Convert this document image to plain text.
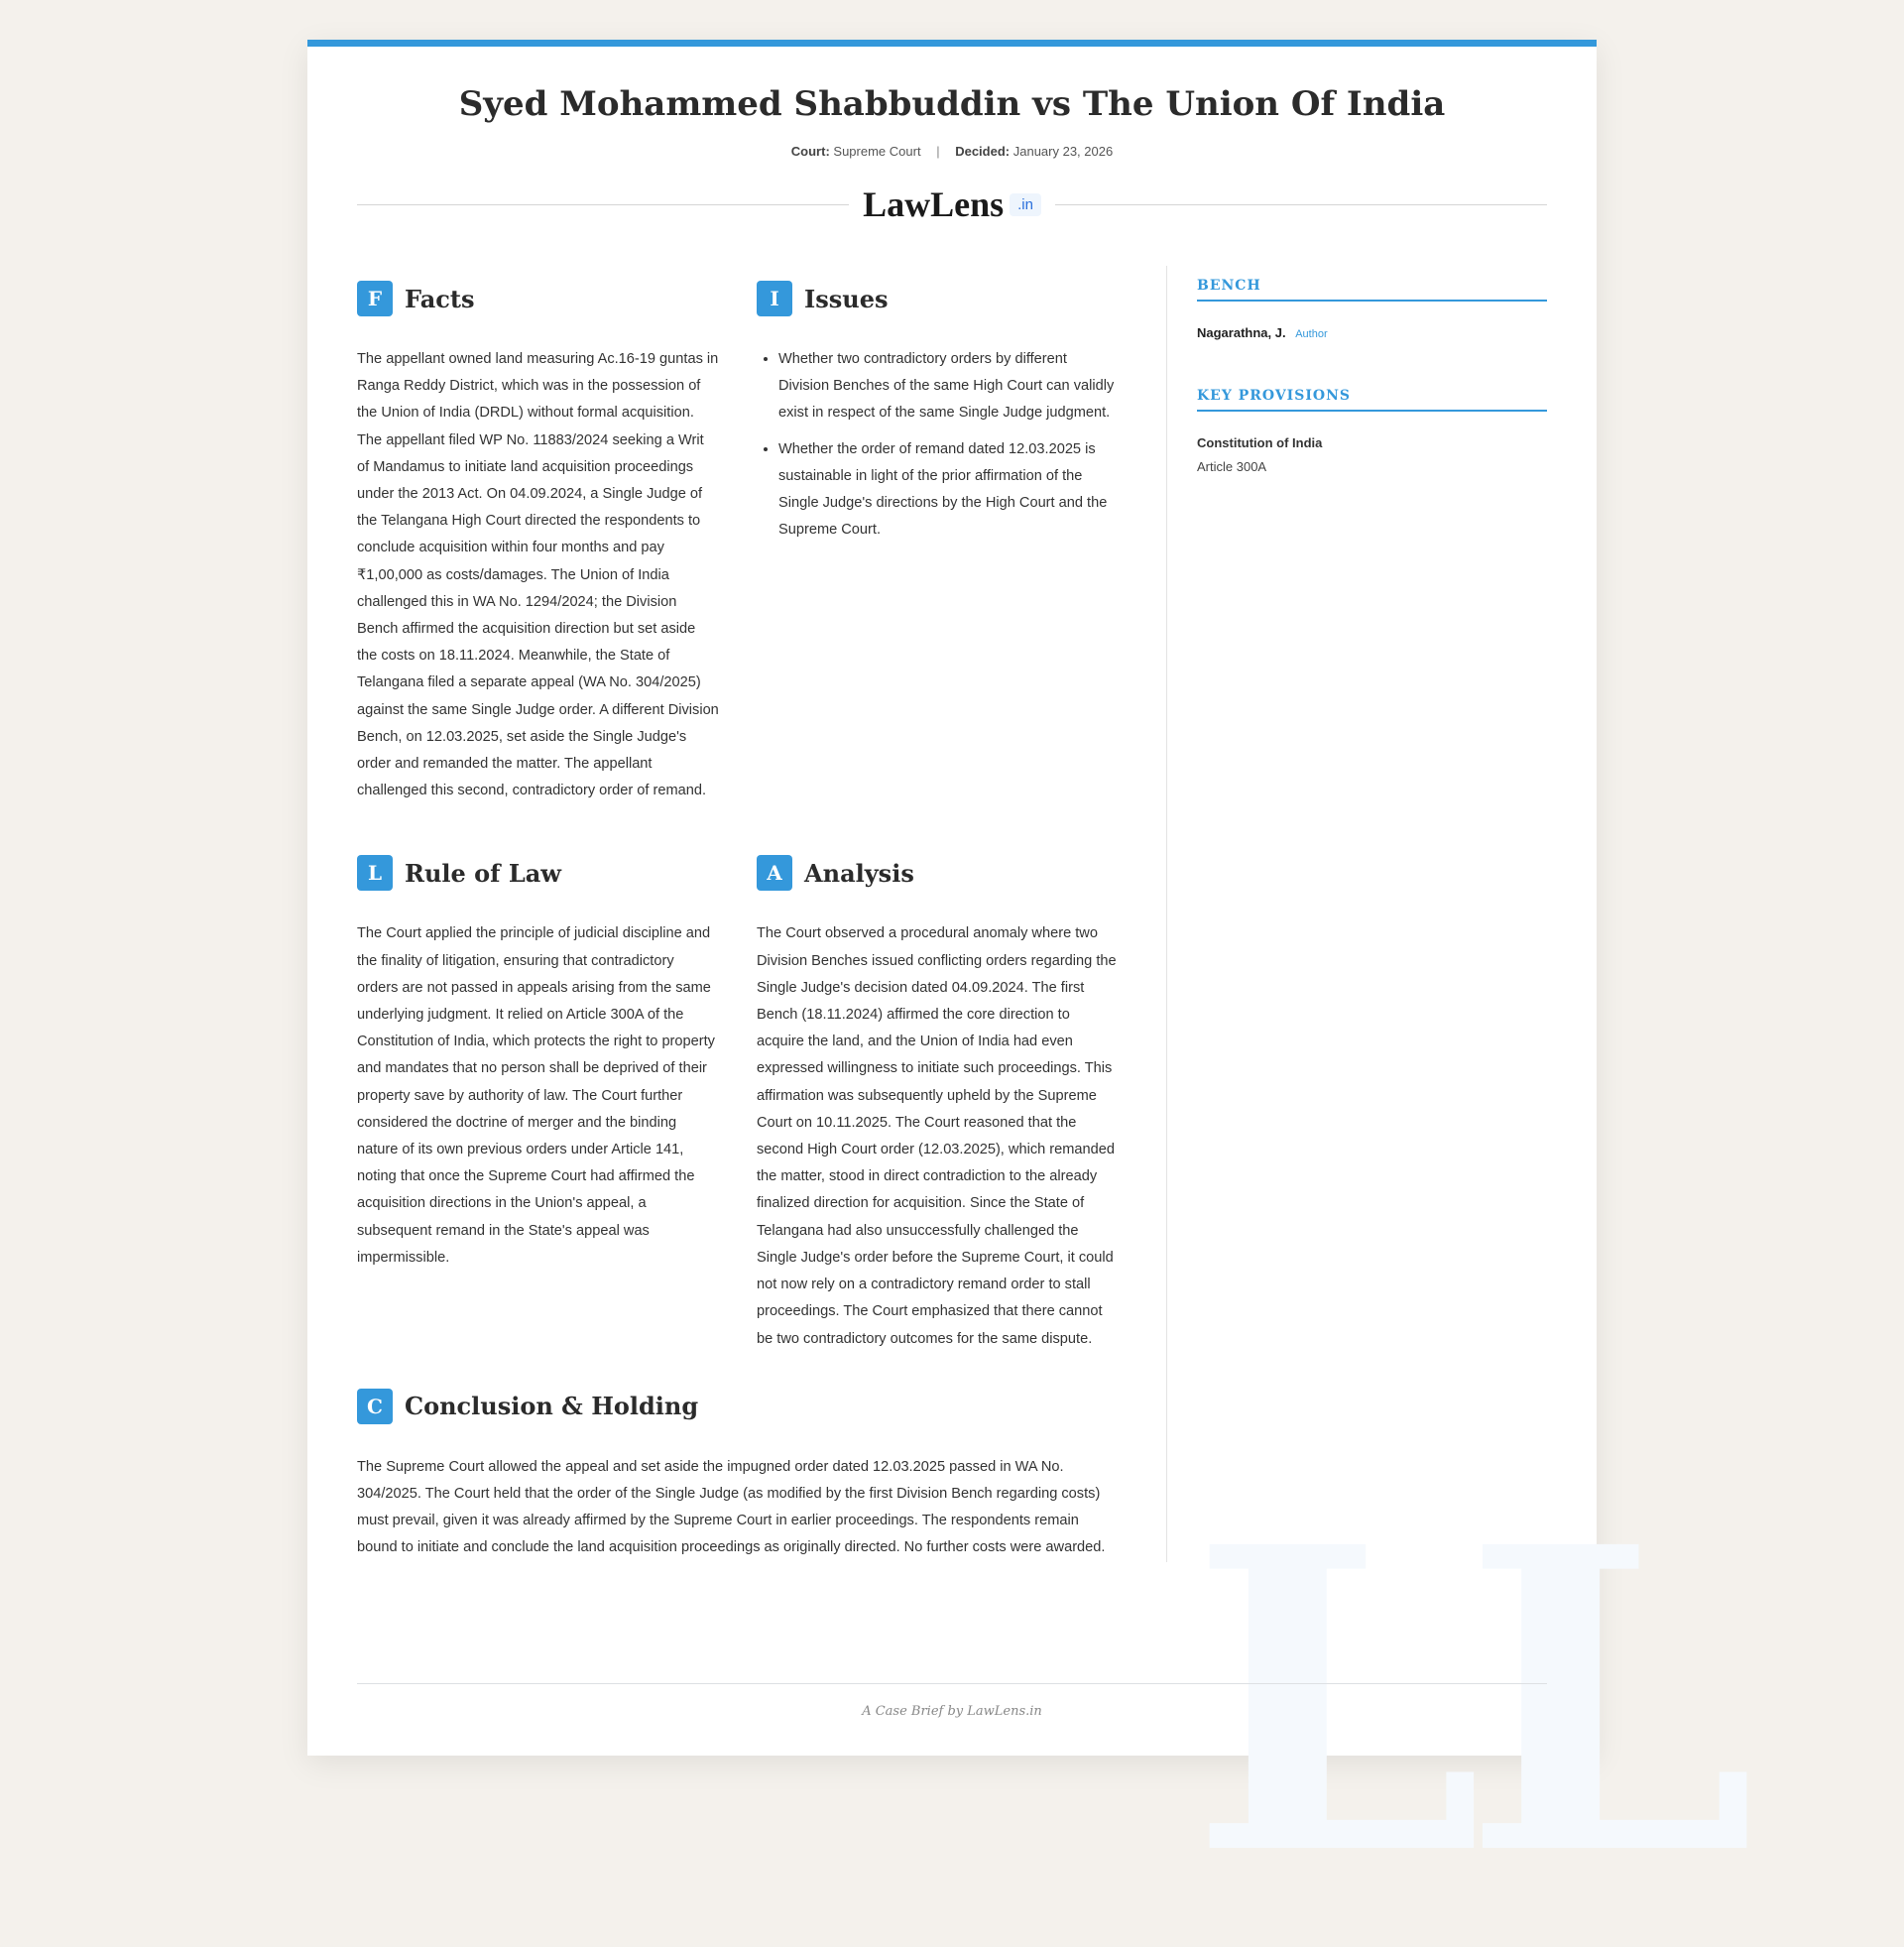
LL
Syed Mohammed Shabbuddin vs The Union Of India
Court: Supreme Court | Decided: January 23, 2026
LawLens .in
F Facts

The appellant owned land measuring Ac.16-19 guntas in Ranga Reddy District, which was in the possession of the Union of India (DRDL) without formal acquisition. The appellant filed WP No. 11883/2024 seeking a Writ of Mandamus to initiate land acquisition proceedings under the 2013 Act. On 04.09.2024, a Single Judge of the Telangana High Court directed the respondents to conclude acquisition within four months and pay ₹1,00,000 as costs/damages. The Union of India challenged this in WA No. 1294/2024; the Division Bench affirmed the acquisition direction but set aside the costs on 18.11.2024. Meanwhile, the State of Telangana filed a separate appeal (WA No. 304/2025) against the same Single Judge order. A different Division Bench, on 12.03.2025, set aside the Single Judge's order and remanded the matter. The appellant challenged this second, contradictory order of remand.

I	Issues
• Whether two contradictory orders by different Division Benches of the same High Court can validly exist in respect of the same Single Judge judgment.
• Whether the order of remand dated 12.03.2025 is sustainable in light of the prior affirmation of the Single Judge's directions by the High Court and the Supreme Court.
L Rule of Law

The Court applied the principle of judicial discipline and the finality of litigation, ensuring that contradictory orders are not passed in appeals arising from the same underlying judgment. It relied on Article 300A of the Constitution of India, which protects the right to property and mandates that no person shall be deprived of their property save by authority of law. The Court further considered the doctrine of merger and the binding nature of its own previous orders under Article 141, noting that once the Supreme Court had affirmed the acquisition directions in the Union's appeal, a subsequent remand in the State's appeal was impermissible.

A Analysis

The Court observed a procedural anomaly where two Division Benches issued conflicting orders regarding the Single Judge's decision dated 04.09.2024. The first Bench (18.11.2024) affirmed the core direction to acquire the land, and the Union of India had even expressed willingness to initiate such proceedings. This affirmation was subsequently upheld by the Supreme Court on 10.11.2025. The Court reasoned that the second High Court order (12.03.2025), which remanded the matter, stood in direct contradiction to the already finalized direction for acquisition. Since the State of Telangana had also unsuccessfully challenged the Single Judge's order before the Supreme Court, it could not now rely on a contradictory remand order to stall proceedings. The Court emphasized that there cannot be two contradictory outcomes for the same dispute.

C Conclusion & Holding

The Supreme Court allowed the appeal and set aside the impugned order dated 12.03.2025 passed in WA No. 304/2025. The Court held that the order of the Single Judge (as modified by the first Division Bench regarding costs) must prevail, given it was already affirmed by the Supreme Court in earlier proceedings. The respondents remain bound to initiate and conclude the land acquisition proceedings as originally directed. No further costs were awarded.

BENCH
Nagarathna, J. Author
KEY PROVISIONS
Constitution of India
Article 300A
A Case Brief by LawLens.in
